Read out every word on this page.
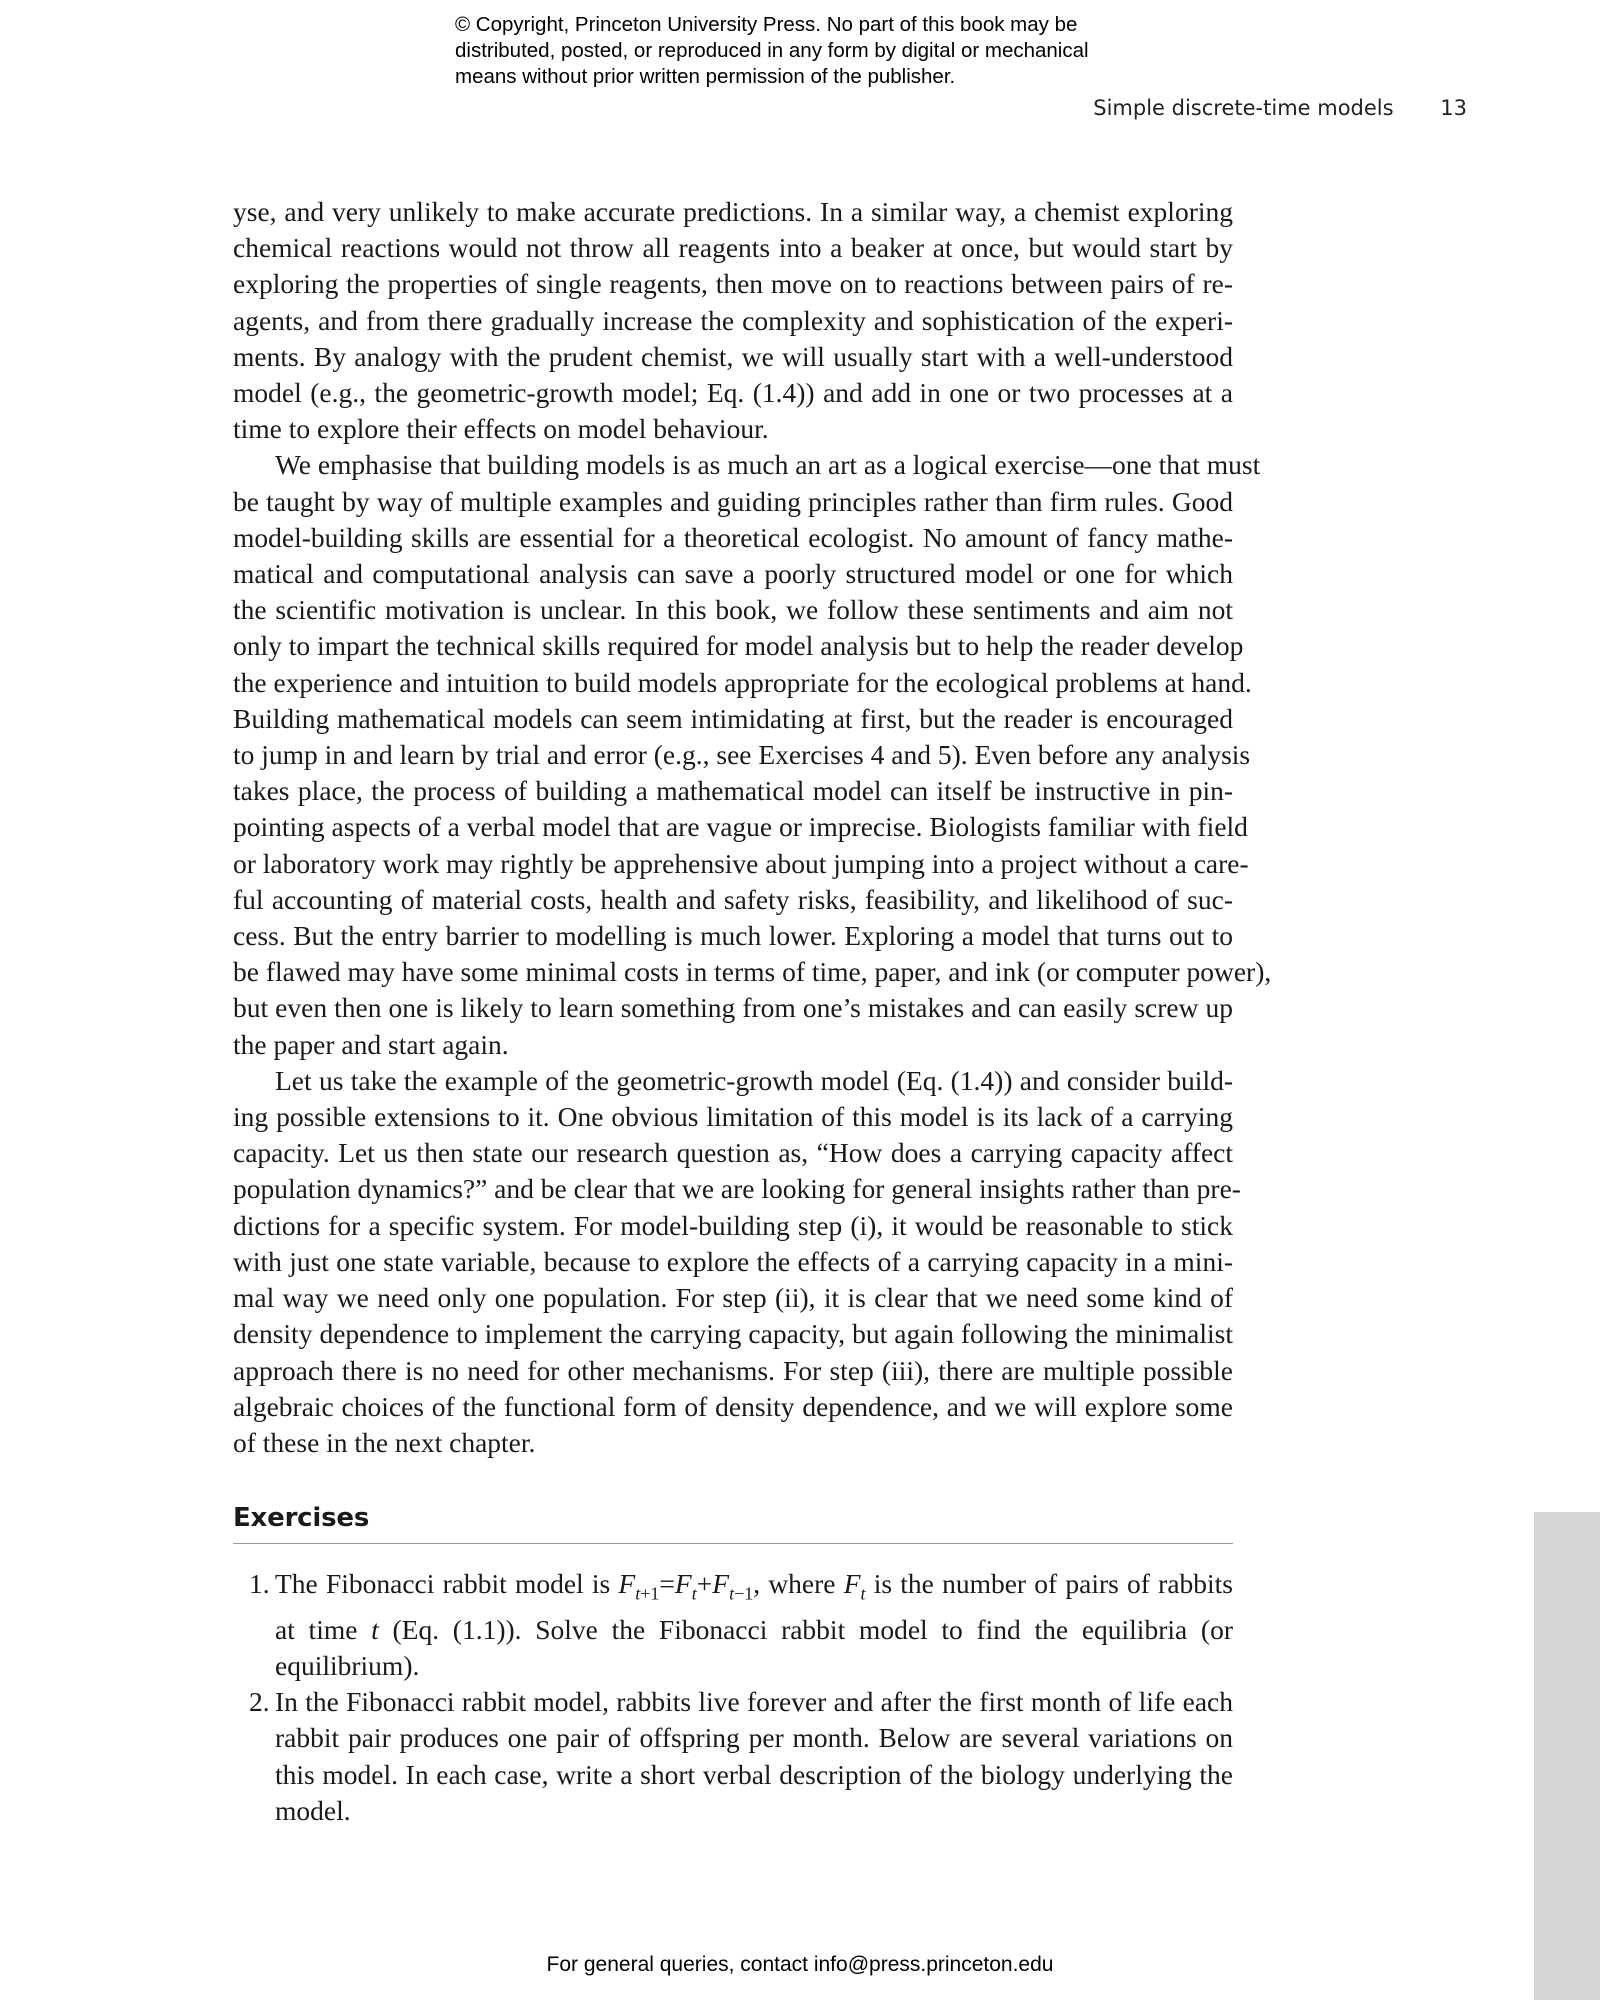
© Copyright, Princeton University Press. No part of this book may be
distributed, posted, or reproduced in any form by digital or mechanical
means without prior written permission of the publisher.
Simple discrete-time models 13
yse, and very unlikely to make accurate predictions. In a similar way, a chemist exploring
chemical reactions would not throw all reagents into a beaker at once, but would start by
exploring the properties of single reagents, then move on to reactions between pairs of re-
agents, and from there gradually increase the complexity and sophistication of the experi-
ments. By analogy with the prudent chemist, we will usually start with a well-understood
model (e.g., the geometric-growth model; Eq. (1.4)) and add in one or two processes at a
time to explore their effects on model behaviour.
We emphasise that building models is as much an art as a logical exercise—one that must
be taught by way of multiple examples and guiding principles rather than firm rules. Good
model-building skills are essential for a theoretical ecologist. No amount of fancy mathe-
matical and computational analysis can save a poorly structured model or one for which
the scientific motivation is unclear. In this book, we follow these sentiments and aim not
only to impart the technical skills required for model analysis but to help the reader develop
the experience and intuition to build models appropriate for the ecological problems at hand.
Building mathematical models can seem intimidating at first, but the reader is encouraged
to jump in and learn by trial and error (e.g., see Exercises 4 and 5). Even before any analysis
takes place, the process of building a mathematical model can itself be instructive in pin-
pointing aspects of a verbal model that are vague or imprecise. Biologists familiar with field
or laboratory work may rightly be apprehensive about jumping into a project without a care-
ful accounting of material costs, health and safety risks, feasibility, and likelihood of suc-
cess. But the entry barrier to modelling is much lower. Exploring a model that turns out to
be flawed may have some minimal costs in terms of time, paper, and ink (or computer power),
but even then one is likely to learn something from one’s mistakes and can easily screw up
the paper and start again.
Let us take the example of the geometric-growth model (Eq. (1.4)) and consider build-
ing possible extensions to it. One obvious limitation of this model is its lack of a carrying
capacity. Let us then state our research question as, “How does a carrying capacity affect
population dynamics?” and be clear that we are looking for general insights rather than pre-
dictions for a specific system. For model-building step (i), it would be reasonable to stick
with just one state variable, because to explore the effects of a carrying capacity in a mini-
mal way we need only one population. For step (ii), it is clear that we need some kind of
density dependence to implement the carrying capacity, but again following the minimalist
approach there is no need for other mechanisms. For step (iii), there are multiple possible
algebraic choices of the functional form of density dependence, and we will explore some
of these in the next chapter.
Exercises
1. The Fibonacci rabbit model is $F_{t+1}=F_t+F_{t-1}$, where $F_t$ is the number of pairs of rabbits
at time t (Eq. (1.1)). Solve the Fibonacci rabbit model to find the equilibria (or
equilibrium).
2. In the Fibonacci rabbit model, rabbits live forever and after the first month of life each
rabbit pair produces one pair of offspring per month. Below are several variations on
this model. In each case, write a short verbal description of the biology underlying the
model.
For general queries, contact info@press.princeton.edu
